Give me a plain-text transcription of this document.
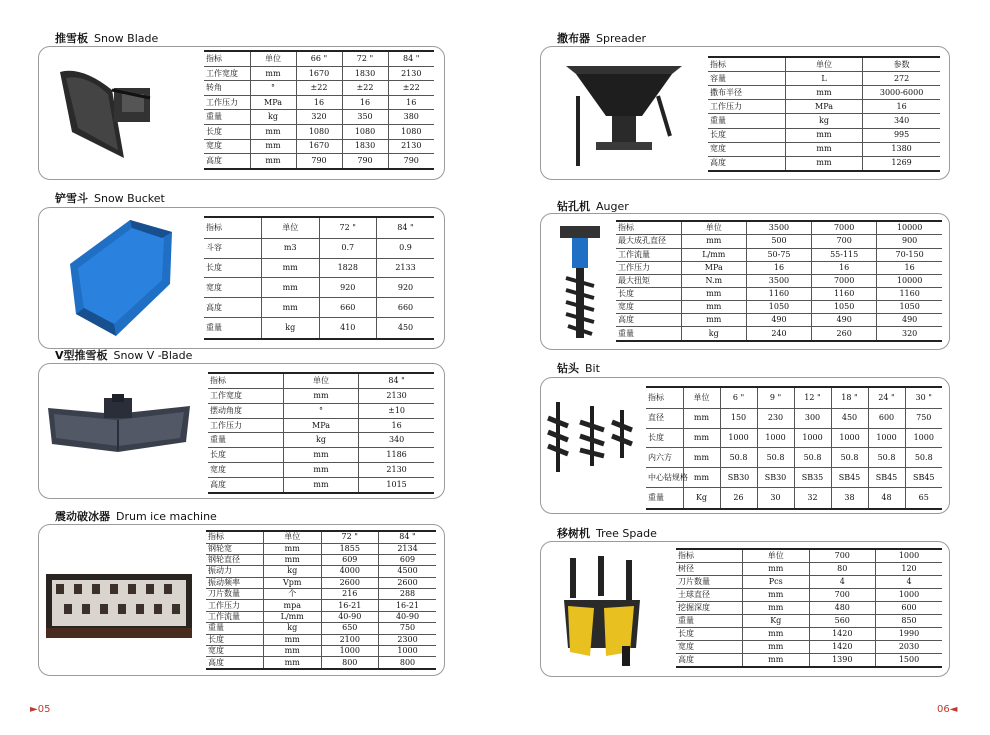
推雪板 Snow Blade
指标	单位	66 "	72 "	84 "
工作宽度	mm	1670	1830	2130
转角	°	±22	±22	±22
工作压力	MPa	16	16	16
重量	kg	320	350	380
长度	mm	1080	1080	1080
宽度	mm	1670	1830	2130
高度	mm	790	790	790
铲雪斗 Snow Bucket
指标	单位	72 "	84 "
斗容	m3	0.7	0.9
长度	mm	1828	2133
宽度	mm	920	920
高度	mm	660	660
重量	kg	410	450
V型推雪板 Snow V -Blade
指标	单位	84 "
工作宽度	mm	2130
摆动角度	°	±10
工作压力	MPa	16
重量	kg	340
长度	mm	1186
宽度	mm	2130
高度	mm	1015
震动破冰器 Drum ice machine
指标	单位	72 "	84 "
钢轮宽	mm	1855	2134
钢轮直径	mm	609	609
振动力	kg	4000	4500
振动频率	Vpm	2600	2600
刀片数量	个	216	288
工作压力	mpa	16-21	16-21
工作流量	L/mm	40-90	40-90
重量	kg	650	750
长度	mm	2100	2300
宽度	mm	1000	1000
高度	mm	800	800
►05
撒布器 Spreader
指标	单位	参数
容量	L	272
撒布半径	mm	3000-6000
工作压力	MPa	16
重量	kg	340
长度	mm	995
宽度	mm	1380
高度	mm	1269
钻孔机 Auger
指标	单位	3500	7000	10000
最大成孔直径	mm	500	700	900
工作流量	L/mm	50-75	55-115	70-150
工作压力	MPa	16	16	16
最大扭矩	N.m	3500	7000	10000
长度	mm	1160	1160	1160
宽度	mm	1050	1050	1050
高度	mm	490	490	490
重量	kg	240	260	320
钻头 Bit
指标	单位	6 "	9 "	12 "	18 "	24 "	30 "
直径	mm	150	230	300	450	600	750
长度	mm	1000	1000	1000	1000	1000	1000
内六方	mm	50.8	50.8	50.8	50.8	50.8	50.8
中心钻规格	mm	SB30	SB30	SB35	SB45	SB45	SB45
重量	Kg	26	30	32	38	48	65
移树机 Tree Spade
指标	单位	700	1000
树径	mm	80	120
刀片数量	Pcs	4	4
土球直径	mm	700	1000
挖掘深度	mm	480	600
重量	Kg	560	850
长度	mm	1420	1990
宽度	mm	1420	2030
高度	mm	1390	1500
06◄
